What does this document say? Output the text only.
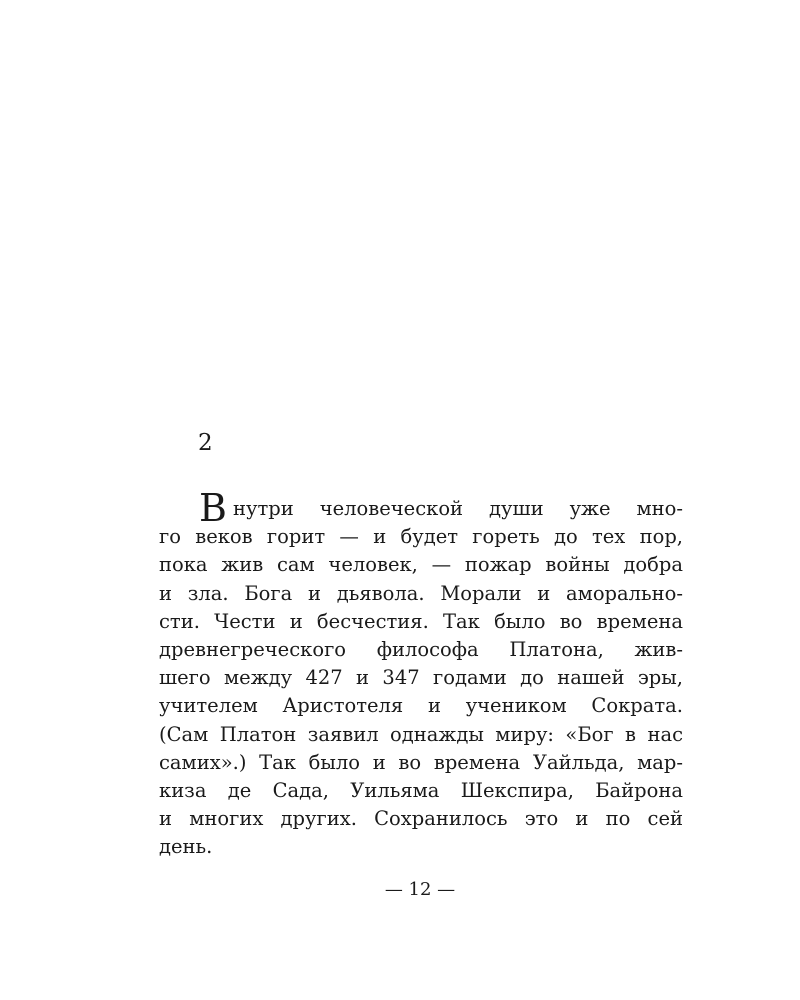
2
В нутри человеческой души уже мно-
го веков горит — и будет гореть до тех пор,
пока жив сам человек, — пожар войны добра
и зла. Бога и дьявола. Морали и аморально-
сти. Чести и бесчестия. Так было во времена
древнегреческого философа Платона, жив-
шего между 427 и 347 годами до нашей эры,
учителем Аристотеля и учеником Сократа.
(Сам Платон заявил однажды миру: «Бог в нас
самих».) Так было и во времена Уайльда, мар-
киза де Сада, Уильяма Шекспира, Байрона
и многих других. Сохранилось это и по сей
день.
— 12 —
